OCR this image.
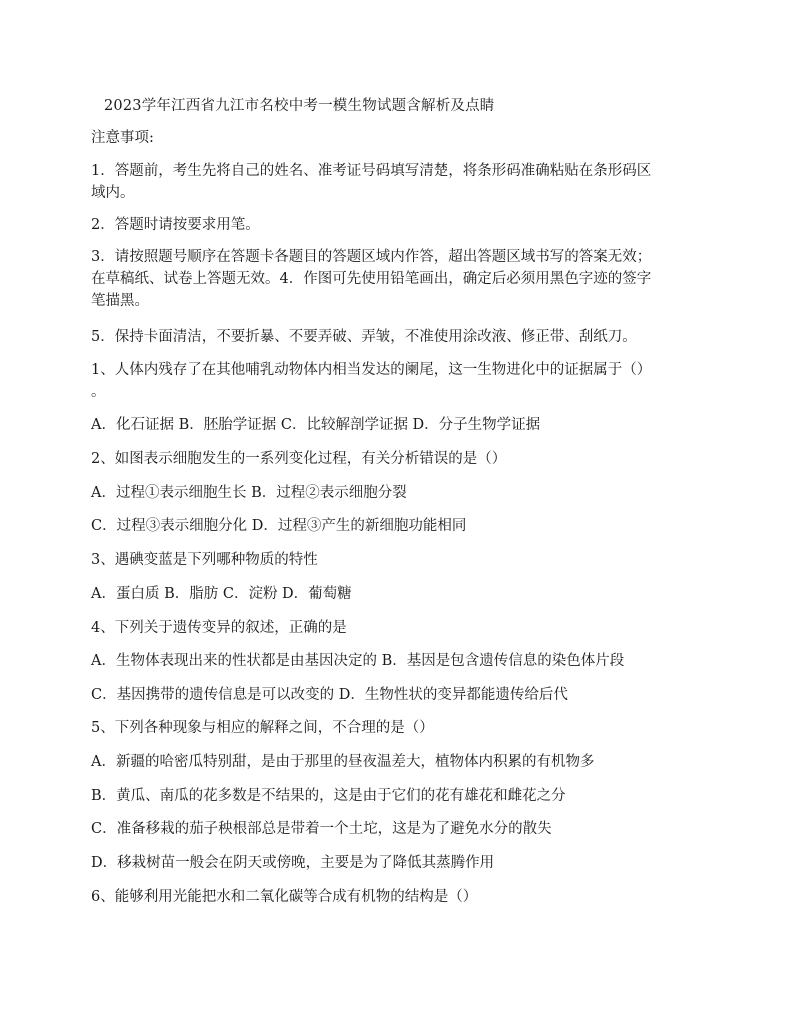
2023学年江西省九江市名校中考一模生物试题含解析及点睛
注意事项:
1．答题前，考生先将自己的姓名、准考证号码填写清楚，将条形码准确粘贴在条形码区
域内。
2．答题时请按要求用笔。
3．请按照题号顺序在答题卡各题目的答题区域内作答，超出答题区域书写的答案无效；
在草稿纸、试卷上答题无效。4．作图可先使用铅笔画出，确定后必须用黑色字迹的签字
笔描黑。
5．保持卡面清洁，不要折暴、不要弄破、弄皱，不准使用涂改液、修正带、刮纸刀。
1、人体内残存了在其他哺乳动物体内相当发达的阑尾，这一生物进化中的证据属于（）
。
A．化石证据 B．胚胎学证据 C．比较解剖学证据 D．分子生物学证据
2、如图表示细胞发生的一系列变化过程，有关分析错误的是（）
A．过程①表示细胞生长 B．过程②表示细胞分裂
C．过程③表示细胞分化 D．过程③产生的新细胞功能相同
3、遇碘变蓝是下列哪种物质的特性
A．蛋白质 B．脂肪 C．淀粉 D．葡萄糖
4、下列关于遗传变异的叙述，正确的是
A．生物体表现出来的性状都是由基因决定的 B．基因是包含遗传信息的染色体片段
C．基因携带的遗传信息是可以改变的 D．生物性状的变异都能遗传给后代
5、下列各种现象与相应的解释之间，不合理的是（）
A．新疆的哈密瓜特别甜，是由于那里的昼夜温差大，植物体内积累的有机物多
B．黄瓜、南瓜的花多数是不结果的，这是由于它们的花有雄花和雌花之分
C．准备移栽的茄子秧根部总是带着一个土坨，这是为了避免水分的散失
D．移栽树苗一般会在阴天或傍晚，主要是为了降低其蒸腾作用
6、能够利用光能把水和二氧化碳等合成有机物的结构是（）
